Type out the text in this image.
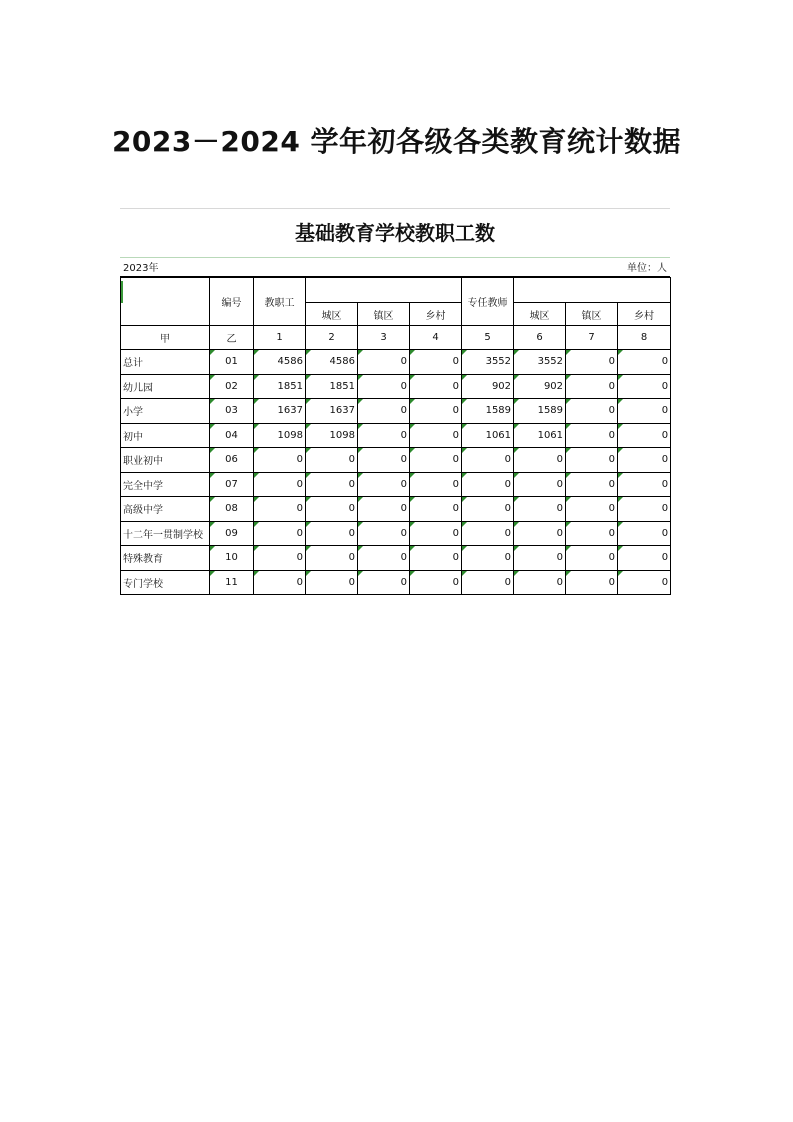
2023－2024 学年初各级各类教育统计数据
基础教育学校教职工数
2023年	单位：人
	编号	教职工				专任教师			
			城区	镇区	乡村		城区	镇区	乡村
甲	乙	1	2	3	4	5	6	7	8
总计	01	4586	4586	0	0	3552	3552	0	0
幼儿园	02	1851	1851	0	0	902	902	0	0
小学	03	1637	1637	0	0	1589	1589	0	0
初中	04	1098	1098	0	0	1061	1061	0	0
职业初中	06	0	0	0	0	0	0	0	0
完全中学	07	0	0	0	0	0	0	0	0
高级中学	08	0	0	0	0	0	0	0	0
十二年一贯制学校	09	0	0	0	0	0	0	0	0
特殊教育	10	0	0	0	0	0	0	0	0
专门学校	11	0	0	0	0	0	0	0	0
